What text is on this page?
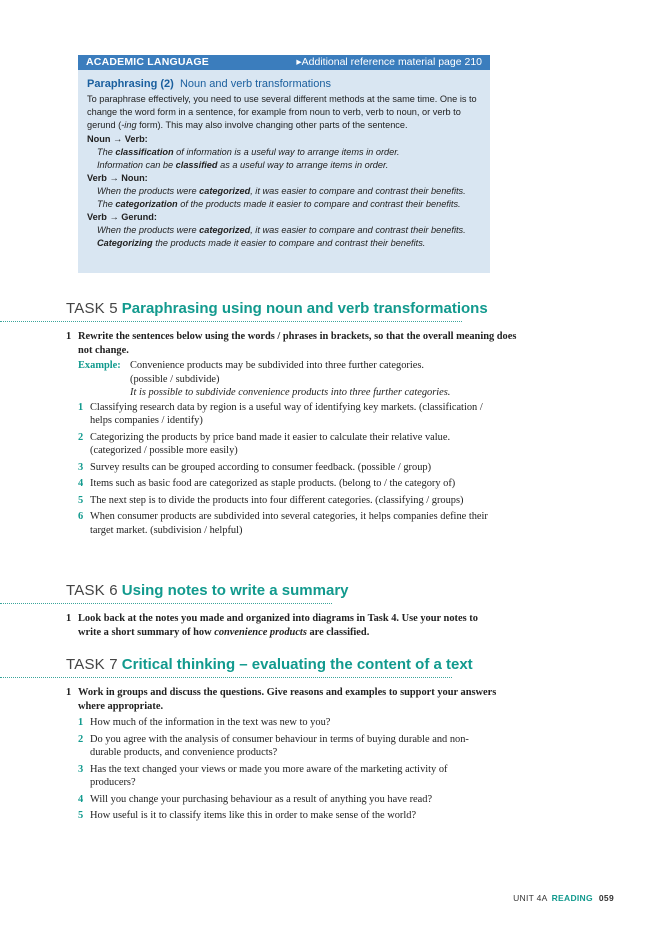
ACADEMIC LANGUAGE	▸Additional reference material page 210
Paraphrasing (2) Noun and verb transformations

To paraphrase effectively, you need to use several different methods at the same time. One is to change the word form in a sentence, for example from noun to verb, verb to noun, or verb to gerund (-ing form). This may also involve changing other parts of the sentence.

Noun → Verb:
The classification of information is a useful way to arrange items in order.
Information can be classified as a useful way to arrange items in order.
Verb → Noun:
When the products were categorized, it was easier to compare and contrast their benefits.
The categorization of the products made it easier to compare and contrast their benefits.
Verb → Gerund:
When the products were categorized, it was easier to compare and contrast their benefits.
Categorizing the products made it easier to compare and contrast their benefits.
TASK 5 Paraphrasing using noun and verb transformations
1 Rewrite the sentences below using the words / phrases in brackets, so that the overall meaning does not change.
Example: Convenience products may be subdivided into three further categories.
(possible / subdivide)
It is possible to subdivide convenience products into three further categories.
1 Classifying research data by region is a useful way of identifying key markets. (classification / helps companies / identify)
2 Categorizing the products by price band made it easier to calculate their relative value. (categorized / possible more easily)
3 Survey results can be grouped according to consumer feedback. (possible / group)
4 Items such as basic food are categorized as staple products. (belong to / the category of)
5 The next step is to divide the products into four different categories. (classifying / groups)
6 When consumer products are subdivided into several categories, it helps companies define their target market. (subdivision / helpful)
TASK 6 Using notes to write a summary
1 Look back at the notes you made and organized into diagrams in Task 4. Use your notes to write a short summary of how convenience products are classified.
TASK 7 Critical thinking – evaluating the content of a text
1 Work in groups and discuss the questions. Give reasons and examples to support your answers where appropriate.
1 How much of the information in the text was new to you?
2 Do you agree with the analysis of consumer behaviour in terms of buying durable and non-durable products, and convenience products?
3 Has the text changed your views or made you more aware of the marketing activity of producers?
4 Will you change your purchasing behaviour as a result of anything you have read?
5 How useful is it to classify items like this in order to make sense of the world?
UNIT 4A READING 059
